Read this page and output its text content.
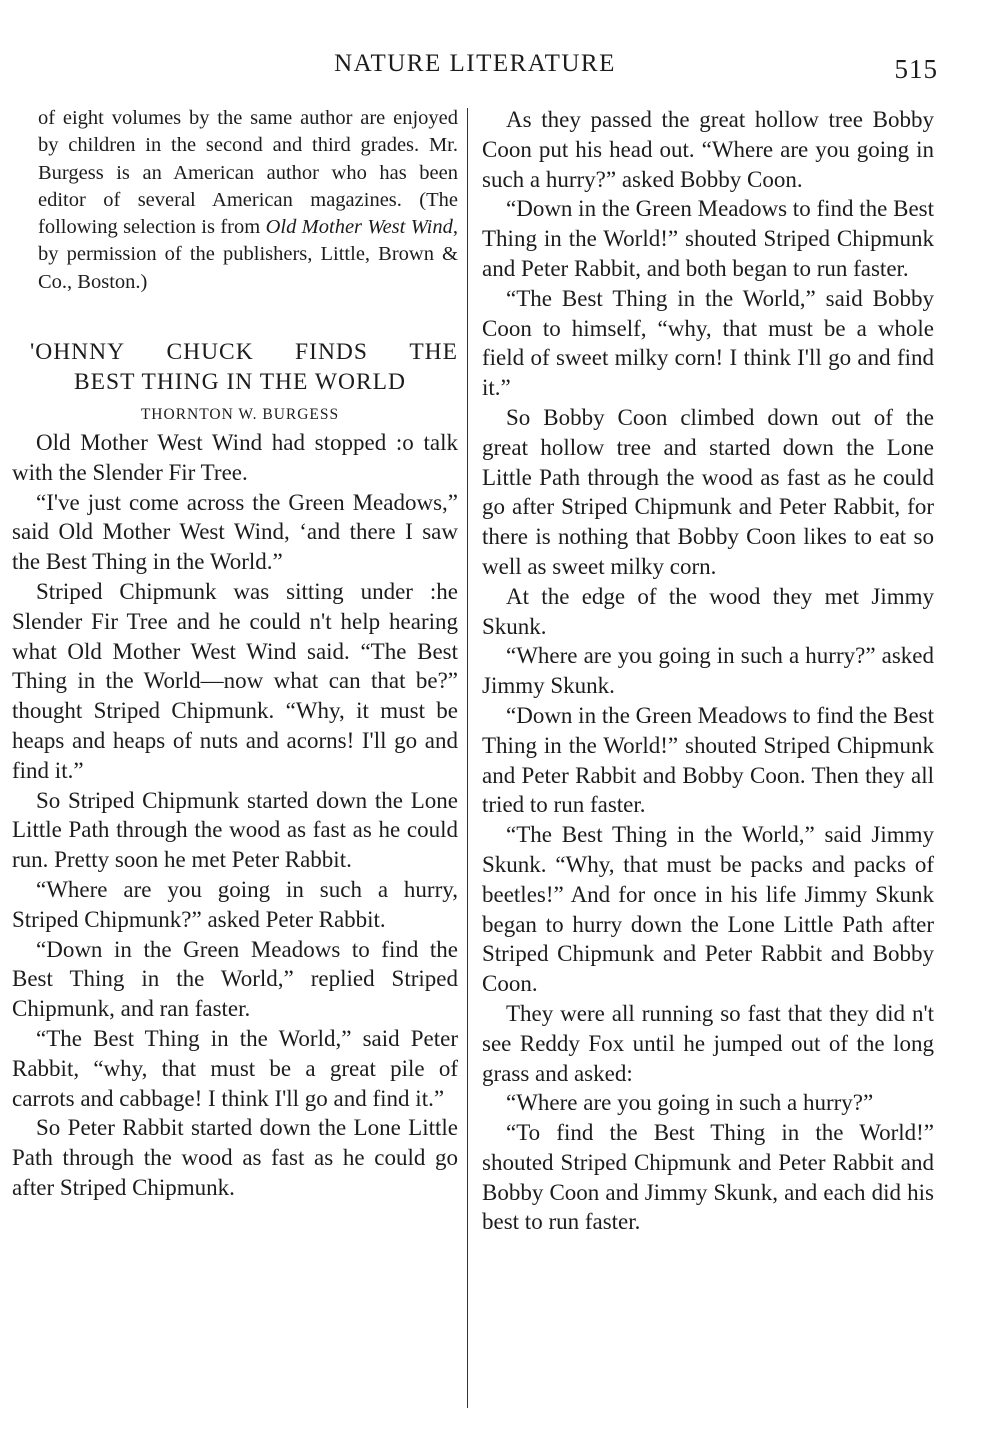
NATURE LITERATURE	515

of eight volumes by the same author are enjoyed by children in the second and third grades. Mr. Burgess is an American author who has been editor of several American magazines. (The following selection is from Old Mother West Wind, by permission of the publishers, Little, Brown & Co., Boston.)

'OHNNY CHUCK FINDS THE
BEST THING IN THE WORLD
THORNTON W. BURGESS

Old Mother West Wind had stopped :o talk with the Slender Fir Tree.

“I've just come across the Green Meadows,” said Old Mother West Wind, ‘and there I saw the Best Thing in the World.”

Striped Chipmunk was sitting under :he Slender Fir Tree and he could n't help hearing what Old Mother West Wind said. “The Best Thing in the World—now what can that be?” thought Striped Chipmunk. “Why, it must be heaps and heaps of nuts and acorns! I'll go and find it.”

So Striped Chipmunk started down the Lone Little Path through the wood as fast as he could run. Pretty soon he met Peter Rabbit.

“Where are you going in such a hurry, Striped Chipmunk?” asked Peter Rabbit.

“Down in the Green Meadows to find the Best Thing in the World,” replied Striped Chipmunk, and ran faster.

“The Best Thing in the World,” said Peter Rabbit, “why, that must be a great pile of carrots and cabbage! I think I'll go and find it.”

So Peter Rabbit started down the Lone Little Path through the wood as fast as he could go after Striped Chipmunk.

As they passed the great hollow tree Bobby Coon put his head out. “Where are you going in such a hurry?” asked Bobby Coon.

“Down in the Green Meadows to find the Best Thing in the World!” shouted Striped Chipmunk and Peter Rabbit, and both began to run faster.

“The Best Thing in the World,” said Bobby Coon to himself, “why, that must be a whole field of sweet milky corn! I think I'll go and find it.”

So Bobby Coon climbed down out of the great hollow tree and started down the Lone Little Path through the wood as fast as he could go after Striped Chipmunk and Peter Rabbit, for there is nothing that Bobby Coon likes to eat so well as sweet milky corn.

At the edge of the wood they met Jimmy Skunk.

“Where are you going in such a hurry?” asked Jimmy Skunk.

“Down in the Green Meadows to find the Best Thing in the World!” shouted Striped Chipmunk and Peter Rabbit and Bobby Coon. Then they all tried to run faster.

“The Best Thing in the World,” said Jimmy Skunk. “Why, that must be packs and packs of beetles!” And for once in his life Jimmy Skunk began to hurry down the Lone Little Path after Striped Chipmunk and Peter Rabbit and Bobby Coon.

They were all running so fast that they did n't see Reddy Fox until he jumped out of the long grass and asked:

“Where are you going in such a hurry?”

“To find the Best Thing in the World!” shouted Striped Chipmunk and Peter Rabbit and Bobby Coon and Jimmy Skunk, and each did his best to run faster.
